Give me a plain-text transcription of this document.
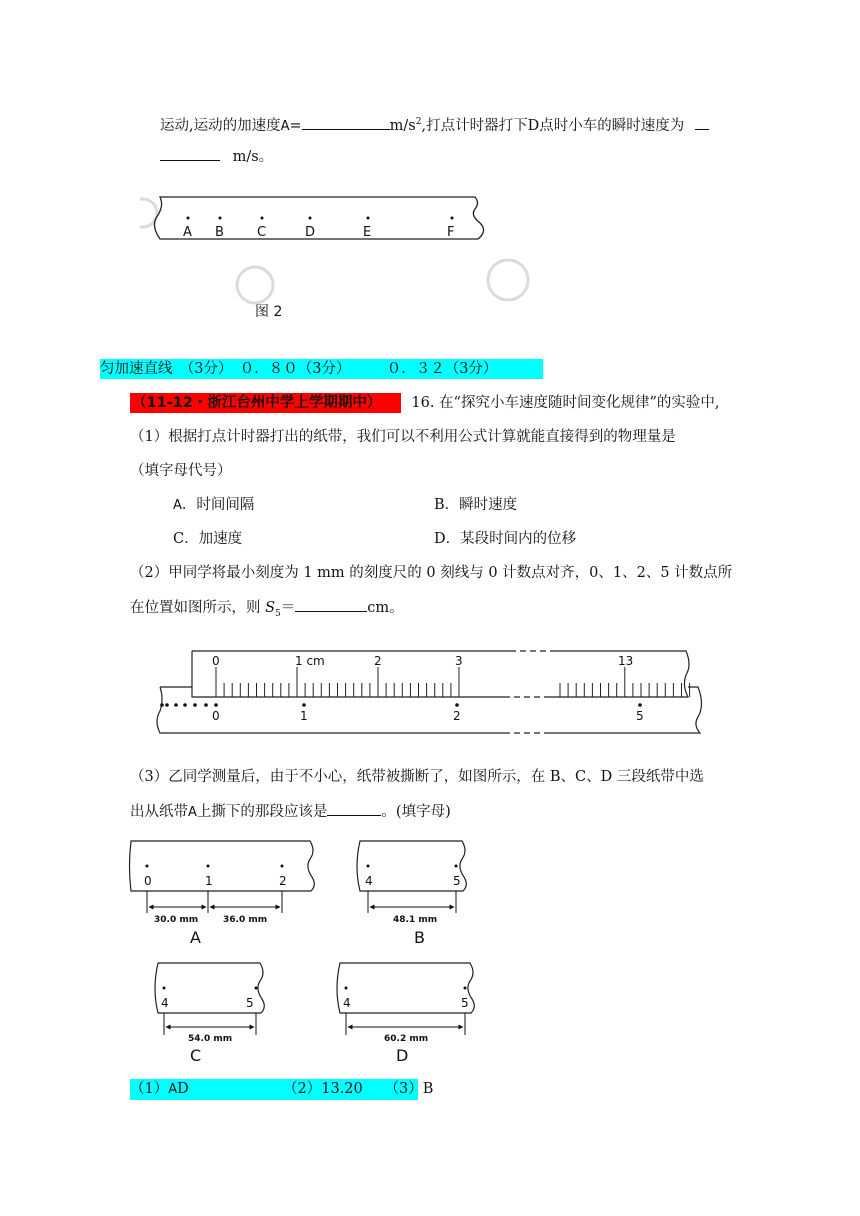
运动,运动的加速度A=	$m/s^2$,打点计时器打下D点时小车的瞬时速度为
m/s。
A B	C	D	E	F
图 2
匀加速直线　（3分）　０．８０（3分）　　　０．３２（3分）
（11-12・浙江台州中学上学期期中） 16. 在“探究小车速度随时间变化规律”的实验中,
（1）根据打点计时器打出的纸带，我们可以不利用公式计算就能直接得到的物理量是
（填字母代号）
A．时间间隔	B．瞬时速度
C．加速度	D．某段时间内的位移
（2）甲同学将最小刻度为 1 mm 的刻度尺的 0 刻线与 0 计数点对齐，0、1、2、5 计数点所
在位置如图所示，则 $S_5=$	cm。
0	1 cm	2	3	13
0	1	2	5
（3）乙同学测量后，由于不小心，纸带被撕断了，如图所示，在 B、C、D 三段纸带中选
出从纸带A上撕下的那段应该是	。(填字母)
0	1	2
30.0 mm	36.0 mm
A
4	5
48.1 mm
B
4	5
54.0 mm
C
4	5
60.2 mm
D
（1）AD　　　　　　　（2）13.20　　（3）B
